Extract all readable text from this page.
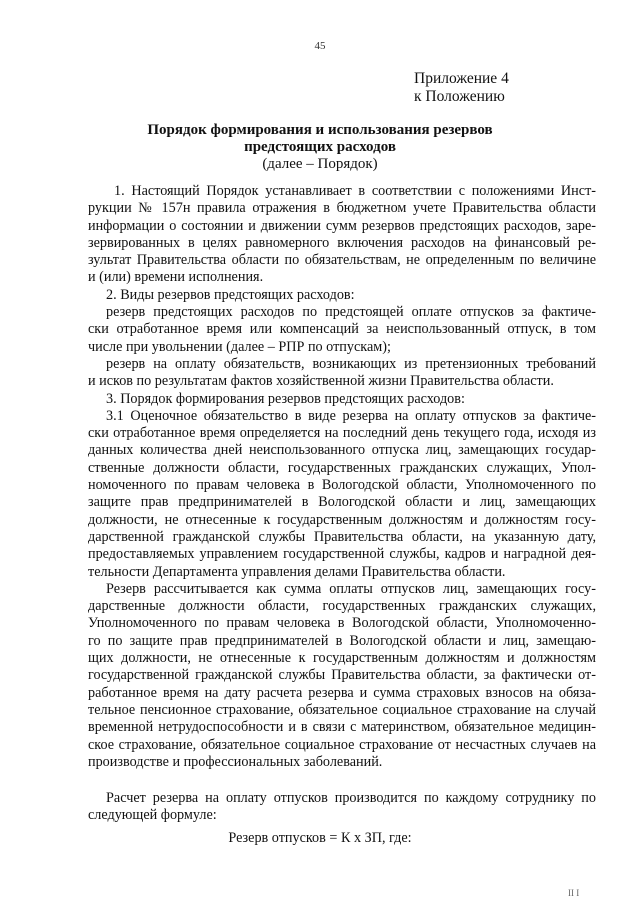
45
Приложение 4
к Положению
Порядок формирования и использования резервов
предстоящих расходов
(далее – Порядок)
1. Настоящий Порядок устанавливает в соответствии с положениями Инст-
рукции № 157н правила отражения в бюджетном учете Правительства области
информации о состоянии и движении сумм резервов предстоящих расходов, заре-
зервированных в целях равномерного включения расходов на финансовый ре-
зультат Правительства области по обязательствам, не определенным по величине
и (или) времени исполнения.
2. Виды резервов предстоящих расходов:
резерв предстоящих расходов по предстоящей оплате отпусков за фактиче-
ски отработанное время или компенсаций за неиспользованный отпуск, в том
числе при увольнении (далее – РПР по отпускам);
резерв на оплату обязательств, возникающих из претензионных требований
и исков по результатам фактов хозяйственной жизни Правительства области.
3. Порядок формирования резервов предстоящих расходов:
3.1 Оценочное обязательство в виде резерва на оплату отпусков за фактиче-
ски отработанное время определяется на последний день текущего года, исходя из
данных количества дней неиспользованного отпуска лиц, замещающих государ-
ственные должности области, государственных гражданских служащих, Упол-
номоченного по правам человека в Вологодской области, Уполномоченного по
защите прав предпринимателей в Вологодской области и лиц, замещающих
должности, не отнесенные к государственным должностям и должностям госу-
дарственной гражданской службы Правительства области, на указанную дату,
предоставляемых управлением государственной службы, кадров и наградной дея-
тельности Департамента управления делами Правительства области.
Резерв рассчитывается как сумма оплаты отпусков лиц, замещающих госу-
дарственные должности области, государственных гражданских служащих,
Уполномоченного по правам человека в Вологодской области, Уполномоченно-
го по защите прав предпринимателей в Вологодской области и лиц, замещаю-
щих должности, не отнесенные к государственным должностям и должностям
государственной гражданской службы Правительства области, за фактически от-
работанное время на дату расчета резерва и сумма страховых взносов на обяза-
тельное пенсионное страхование, обязательное социальное страхование на случай
временной нетрудоспособности и в связи с материнством, обязательное медицин-
ское страхование, обязательное социальное страхование от несчастных случаев на
производстве и профессиональных заболеваний.
Расчет резерва на оплату отпусков производится по каждому сотруднику по
следующей формуле:
Резерв отпусков = К х ЗП, где:
II I
